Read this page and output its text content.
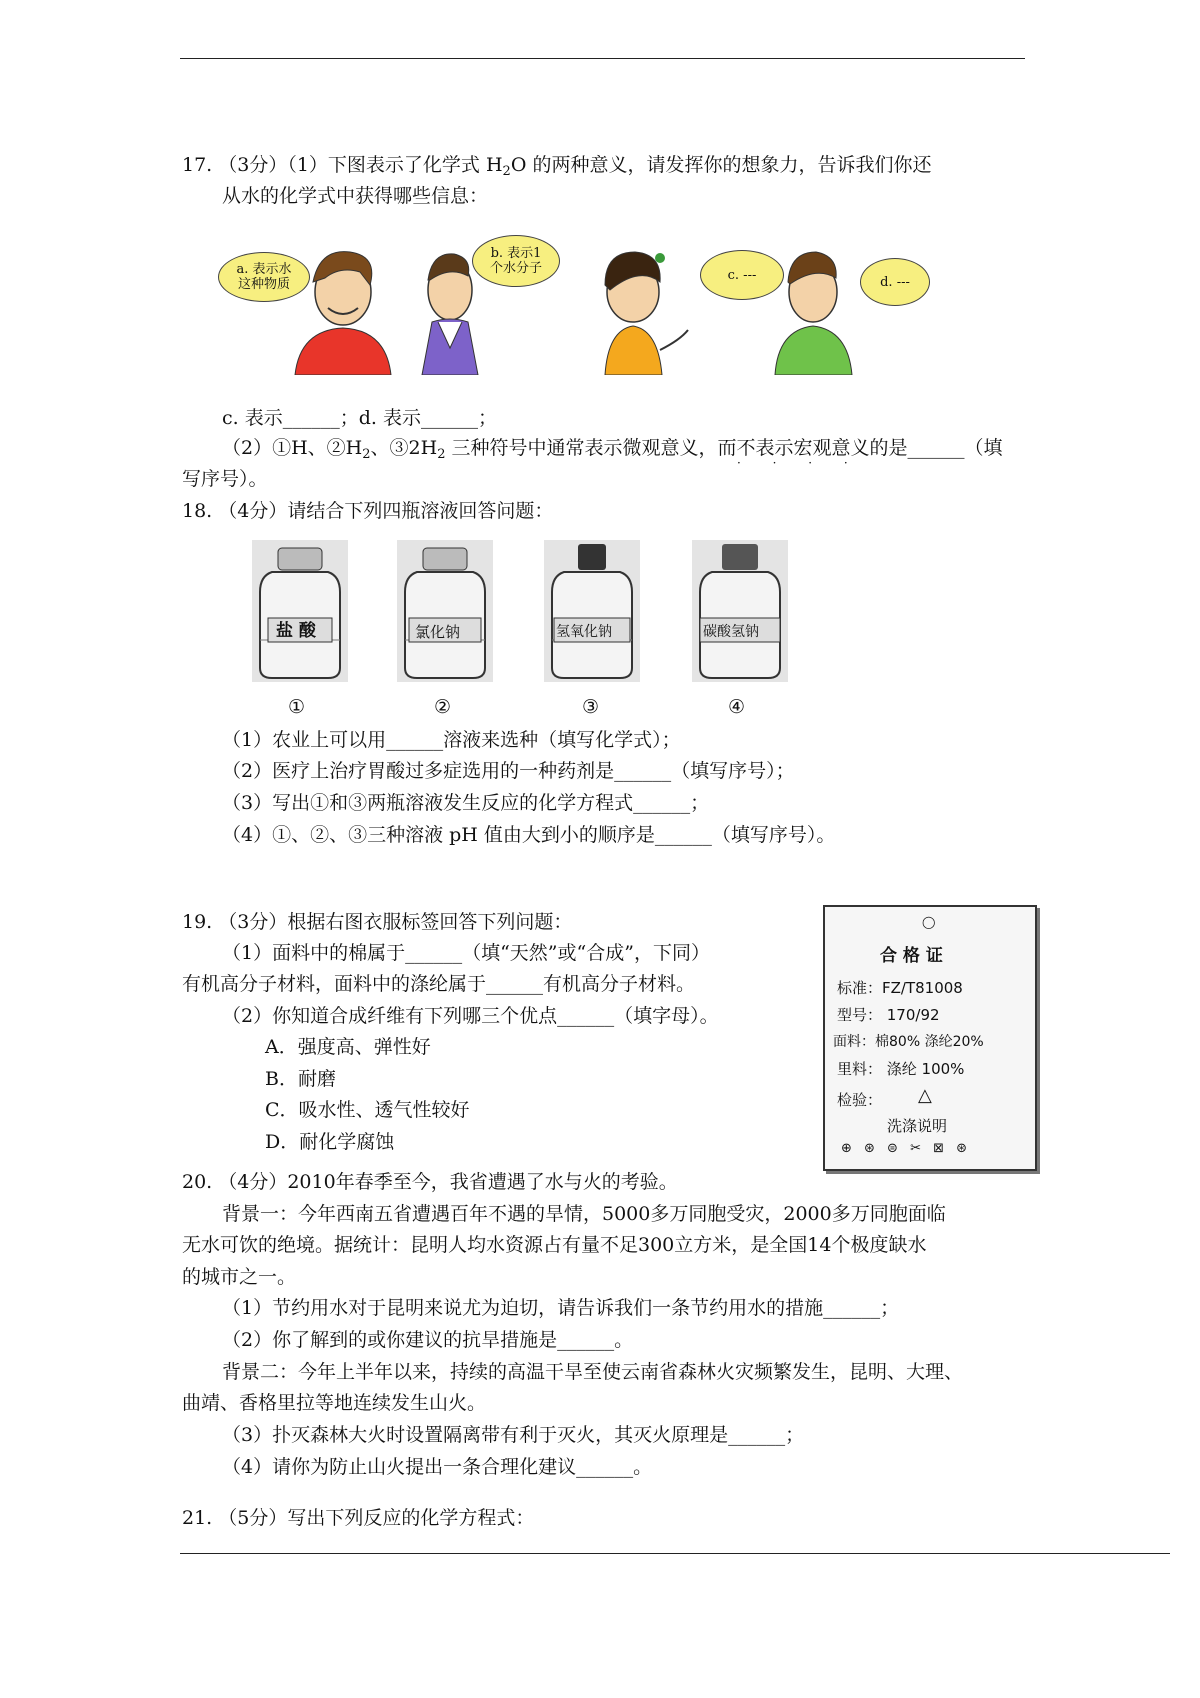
17. （3分）（1）下图表示了化学式 $H_2O$ 的两种意义，请发挥你的想象力，告诉我们你还
从水的化学式中获得哪些信息：
a. 表示水
这种物质
b. 表示1
个水分子	c. ---	d. ---
c. 表示______；d. 表示______；
（2）①H、$②H_2$、$③2H_2$ 三种符号中通常表示微观意义，而不表示宏观意义的是______（填
· · · ·
写序号）。
18. （4分）请结合下列四瓶溶液回答问题：
盐 酸	氯化钠	氢氧化钠	碳酸氢钠
①	②	③	④
（1）农业上可以用______溶液来选种（填写化学式）；
（2）医疗上治疗胃酸过多症选用的一种药剂是______（填写序号）；
（3）写出①和③两瓶溶液发生反应的化学方程式______；
（4）①、②、③三种溶液 pH 值由大到小的顺序是______（填写序号）。
19. （3分）根据右图衣服标签回答下列问题：
（1）面料中的棉属于______（填“天然”或“合成”，下同）
有机高分子材料，面料中的涤纶属于______有机高分子材料。
（2）你知道合成纤维有下列哪三个优点______（填字母）。
A．强度高、弹性好
B．耐磨
C．吸水性、透气性较好
D．耐化学腐蚀
◯
合 格 证
标准：FZ/T81008
型号： 170/92
面料：棉80% 涤纶20%
里料： 涤纶 100%
检验： △
洗涤说明
⊕ ⊛ ⊜ ✂ ⊠ ⊛
20. （4分）2010年春季至今，我省遭遇了水与火的考验。
背景一：今年西南五省遭遇百年不遇的旱情，5000多万同胞受灾，2000多万同胞面临
无水可饮的绝境。据统计：昆明人均水资源占有量不足300立方米，是全国14个极度缺水
的城市之一。
（1）节约用水对于昆明来说尤为迫切，请告诉我们一条节约用水的措施______；
（2）你了解到的或你建议的抗旱措施是______。
背景二：今年上半年以来，持续的高温干旱至使云南省森林火灾频繁发生，昆明、大理、
曲靖、香格里拉等地连续发生山火。
（3）扑灭森林大火时设置隔离带有利于灭火，其灭火原理是______；
（4）请你为防止山火提出一条合理化建议______。
21. （5分）写出下列反应的化学方程式：
